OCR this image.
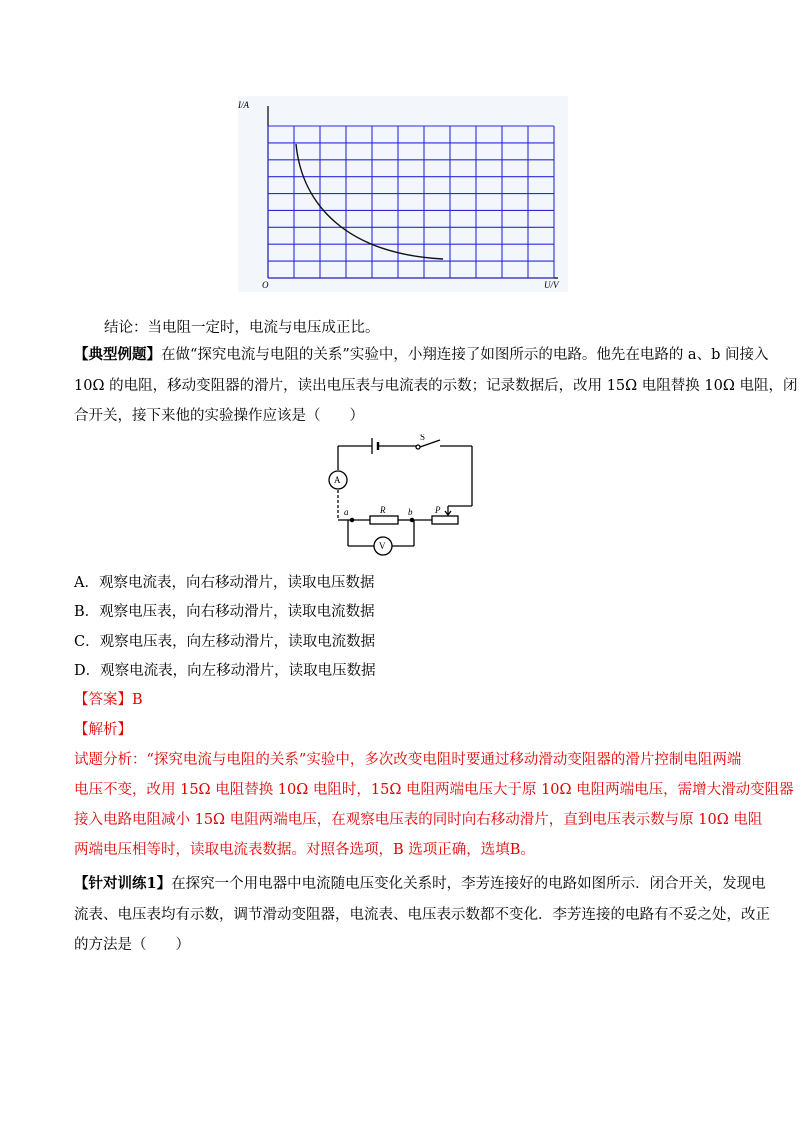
I/A
O	U/V
结论：当电阻一定时，电流与电压成正比。
【典型例题】在做“探究电流与电阻的关系”实验中，小翔连接了如图所示的电路。他先在电路的 a、b 间接入
10Ω 的电阻，移动变阻器的滑片，读出电压表与电流表的示数；记录数据后，改用 15Ω 电阻替换 10Ω 电阻，闭
合开关，接下来他的实验操作应该是（　　）
A
V
S
R	P
a	b
A．观察电流表，向右移动滑片，读取电压数据
B．观察电压表，向右移动滑片，读取电流数据
C．观察电压表，向左移动滑片，读取电流数据
D．观察电流表，向左移动滑片，读取电压数据
【答案】B
【解析】
试题分析：“探究电流与电阻的关系”实验中，多次改变电阻时要通过移动滑动变阻器的滑片控制电阻两端
电压不变，改用 15Ω 电阻替换 10Ω 电阻时，15Ω 电阻两端电压大于原 10Ω 电阻两端电压，需增大滑动变阻器
接入电路电阻减小 15Ω 电阻两端电压，在观察电压表的同时向右移动滑片，直到电压表示数与原 10Ω 电阻
两端电压相等时，读取电流表数据。对照各选项，B 选项正确，选填B。
【针对训练1】在探究一个用电器中电流随电压变化关系时，李芳连接好的电路如图所示．闭合开关，发现电
流表、电压表均有示数，调节滑动变阻器，电流表、电压表示数都不变化．李芳连接的电路有不妥之处，改正
的方法是（　　）
